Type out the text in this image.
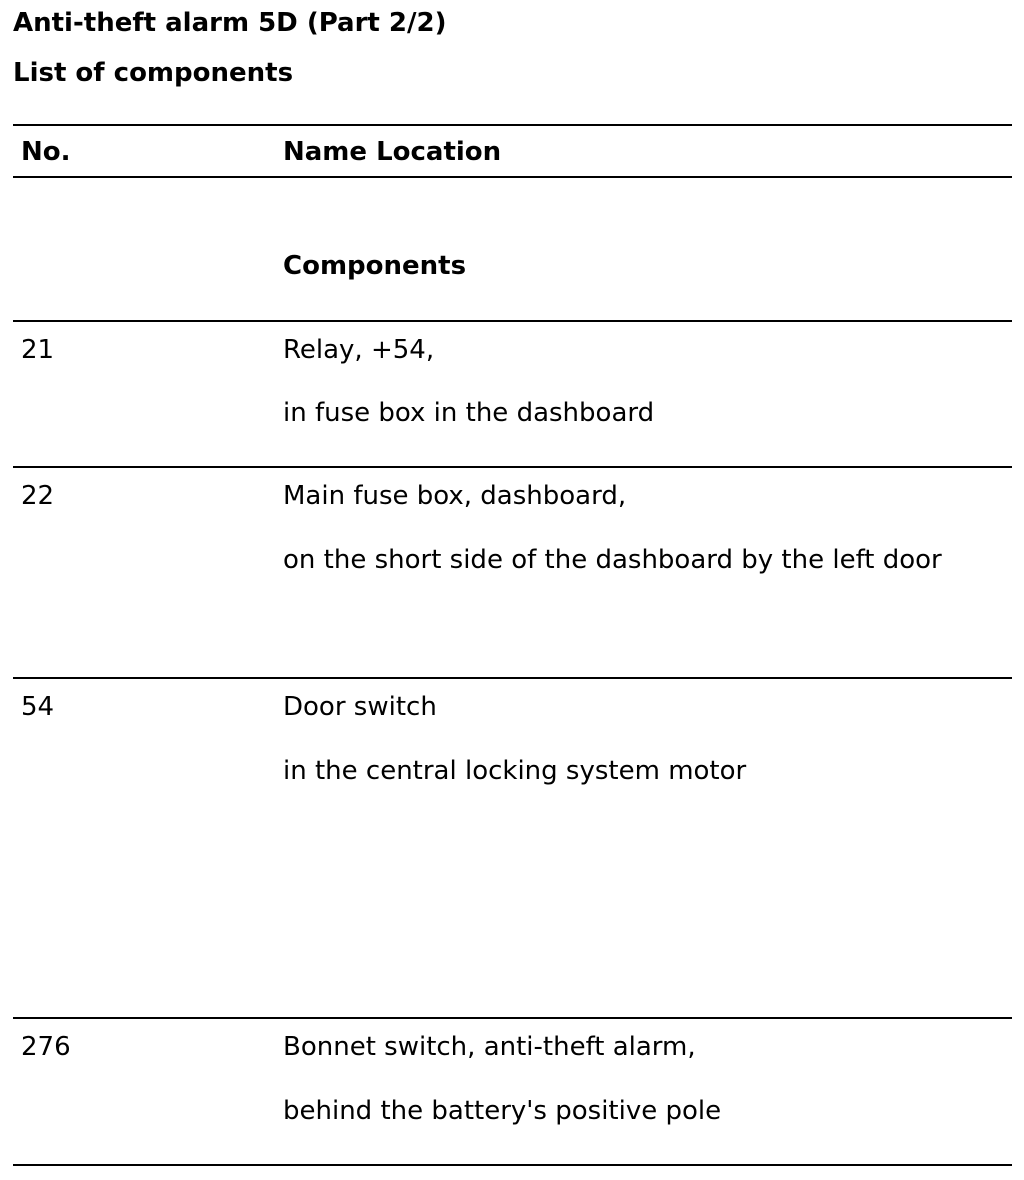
Anti-theft alarm 5D (Part 2/2)
List of components
No.	Name Location
Components
21	Relay, +54,
in fuse box in the dashboard
22	Main fuse box, dashboard,
on the short side of the dashboard by the left door
54	Door switch
in the central locking system motor
276	Bonnet switch, anti-theft alarm,
behind the battery's positive pole
